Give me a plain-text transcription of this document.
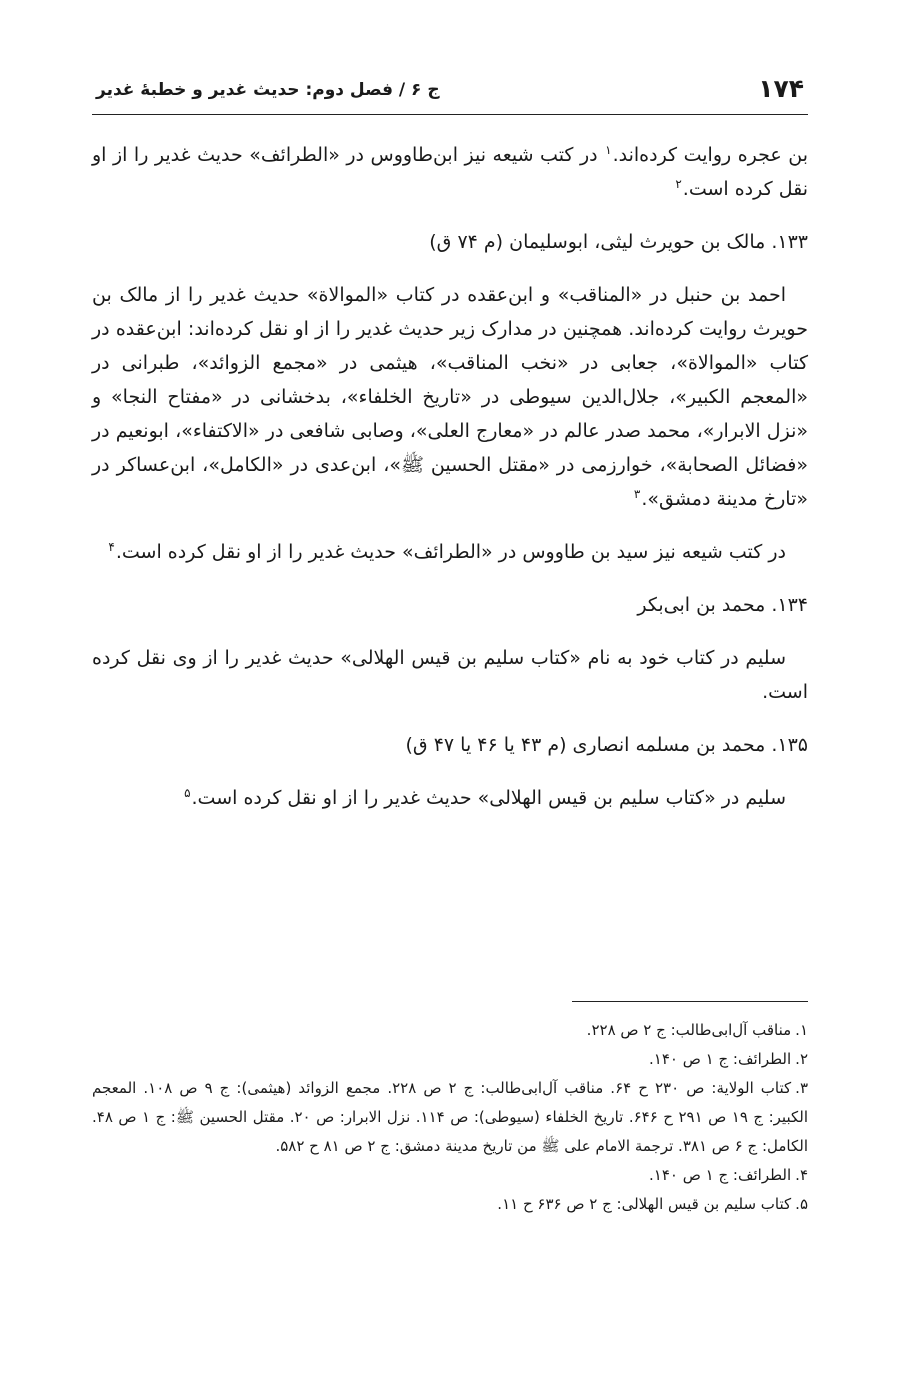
۱۷۴
ج ۶ / فصل دوم: حدیث غدیر و خطبهٔ غدیر

بن عجره روایت کرده‌اند.$^۱$ در کتب شیعه نیز ابن‌طاووس در «الطرائف» حدیث غدیر را از او نقل کرده است.$^۲$

۱۳۳. مالک بن حویرث لیثی، ابوسلیمان (م ۷۴ ق)

احمد بن حنبل در «المناقب» و ابن‌عقده در کتاب «الموالاة» حدیث غدیر را از مالک بن حویرث روایت کرده‌اند. همچنین در مدارک زیر حدیث غدیر را از او نقل کرده‌اند: ابن‌عقده در کتاب «الموالاة»، جعابی در «نخب المناقب»، هیثمی در «مجمع الزوائد»، طبرانی در «المعجم الکبیر»، جلال‌الدین سیوطی در «تاریخ الخلفاء»، بدخشانی در «مفتاح النجا» و «نزل الابرار»، محمد صدر عالم در «معارج العلی»، وصابی شافعی در «الاکتفاء»، ابونعیم در «فضائل الصحابة»، خوارزمی در «مقتل الحسین ﷺ»، ابن‌عدی در «الکامل»، ابن‌عساکر در «تارخ مدینة دمشق».$^۳$

در کتب شیعه نیز سید بن طاووس در «الطرائف» حدیث غدیر را از او نقل کرده است.$^۴$

۱۳۴. محمد بن ابی‌بکر

سلیم در کتاب خود به نام «کتاب سلیم بن قیس الهلالی» حدیث غدیر را از وی نقل کرده است.

۱۳۵. محمد بن مسلمه انصاری (م ۴۳ یا ۴۶ یا ۴۷ ق)

سلیم در «کتاب سلیم بن قیس الهلالی» حدیث غدیر را از او نقل کرده است.$^۵$

۱.مناقب آل‌ابی‌طالب: ج ۲ ص ۲۲۸.

۲.الطرائف: ج ۱ ص ۱۴۰.

۳.کتاب الولایة: ص ۲۳۰ ح ۶۴. مناقب آل‌ابی‌طالب: ج ۲ ص ۲۲۸. مجمع الزوائد (هیثمی): ج ۹ ص ۱۰۸. المعجم الکبیر: ج ۱۹ ص ۲۹۱ ح ۶۴۶. تاریخ الخلفاء (سیوطی): ص ۱۱۴. نزل الابرار: ص ۲۰. مقتل الحسین ﷺ: ج ۱ ص ۴۸. الکامل: ج ۶ ص ۳۸۱. ترجمة الامام علی ﷺ من تاریخ مدینة دمشق: ج ۲ ص ۸۱ ح ۵۸۲.

۴.الطرائف: ج ۱ ص ۱۴۰.

۵.کتاب سلیم بن قیس الهلالی: ج ۲ ص ۶۳۶ ح ۱۱.
